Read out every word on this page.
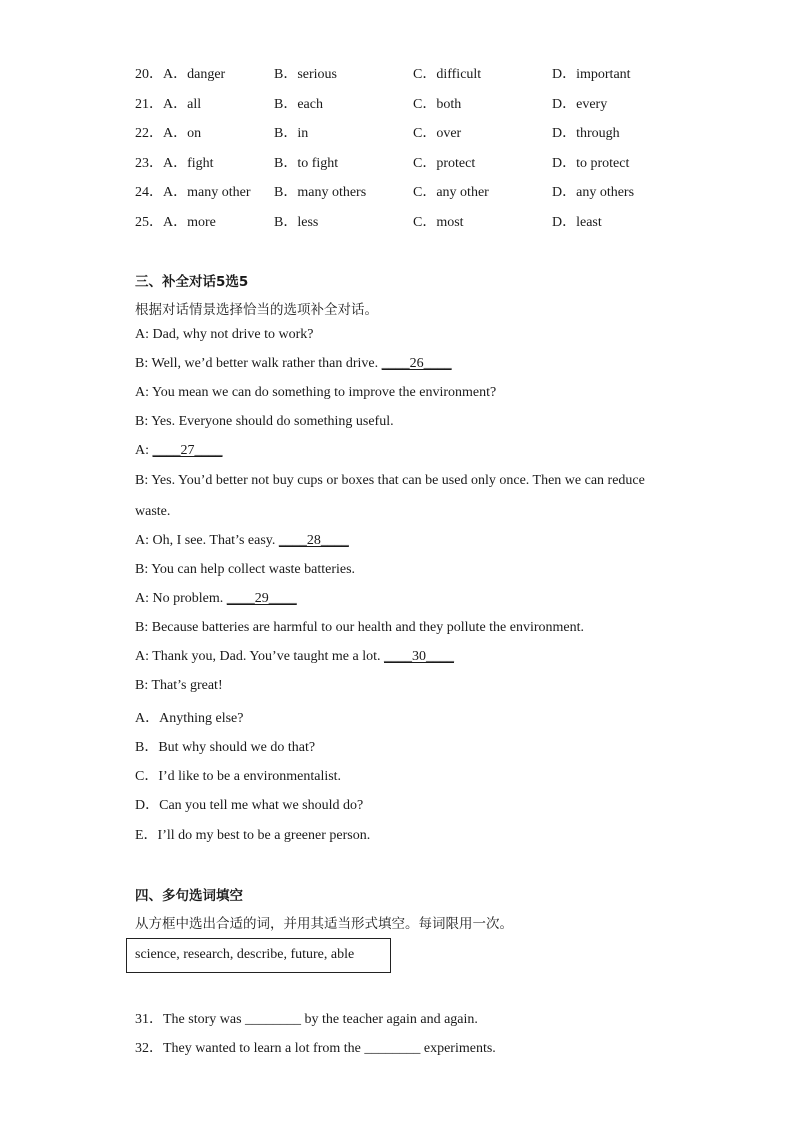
20．A．danger	B．serious	C．difficult	D．important
21．A．all	B．each	C．both	D．every
22．A．on	B．in	C．over	D．through
23．A．fight	B．to fight	C．protect	D．to protect
24．A．many other B．many others	C．any other	D．any others
25．A．more	B．less	C．most	D．least
三、补全对话5选5
根据对话情景选择恰当的选项补全对话。
A: Dad, why not drive to work?
B: Well, we’d better walk rather than drive. ____26____
A: You mean we can do something to improve the environment?
B: Yes. Everyone should do something useful.
A: ____27____
B: Yes. You’d better not buy cups or boxes that can be used only once. Then we can reduce
waste.
A: Oh, I see. That’s easy. ____28____
B: You can help collect waste batteries.
A: No problem. ____29____
B: Because batteries are harmful to our health and they pollute the environment.
A: Thank you, Dad. You’ve taught me a lot. ____30____
B: That’s great!
A．Anything else?
B．But why should we do that?
C．I’d like to be a environmentalist.
D．Can you tell me what we should do?
E．I’ll do my best to be a greener person.
四、多句选词填空
从方框中选出合适的词，并用其适当形式填空。每词限用一次。
science, research, describe, future, able
31．The story was ________ by the teacher again and again.
32．They wanted to learn a lot from the ________ experiments.
